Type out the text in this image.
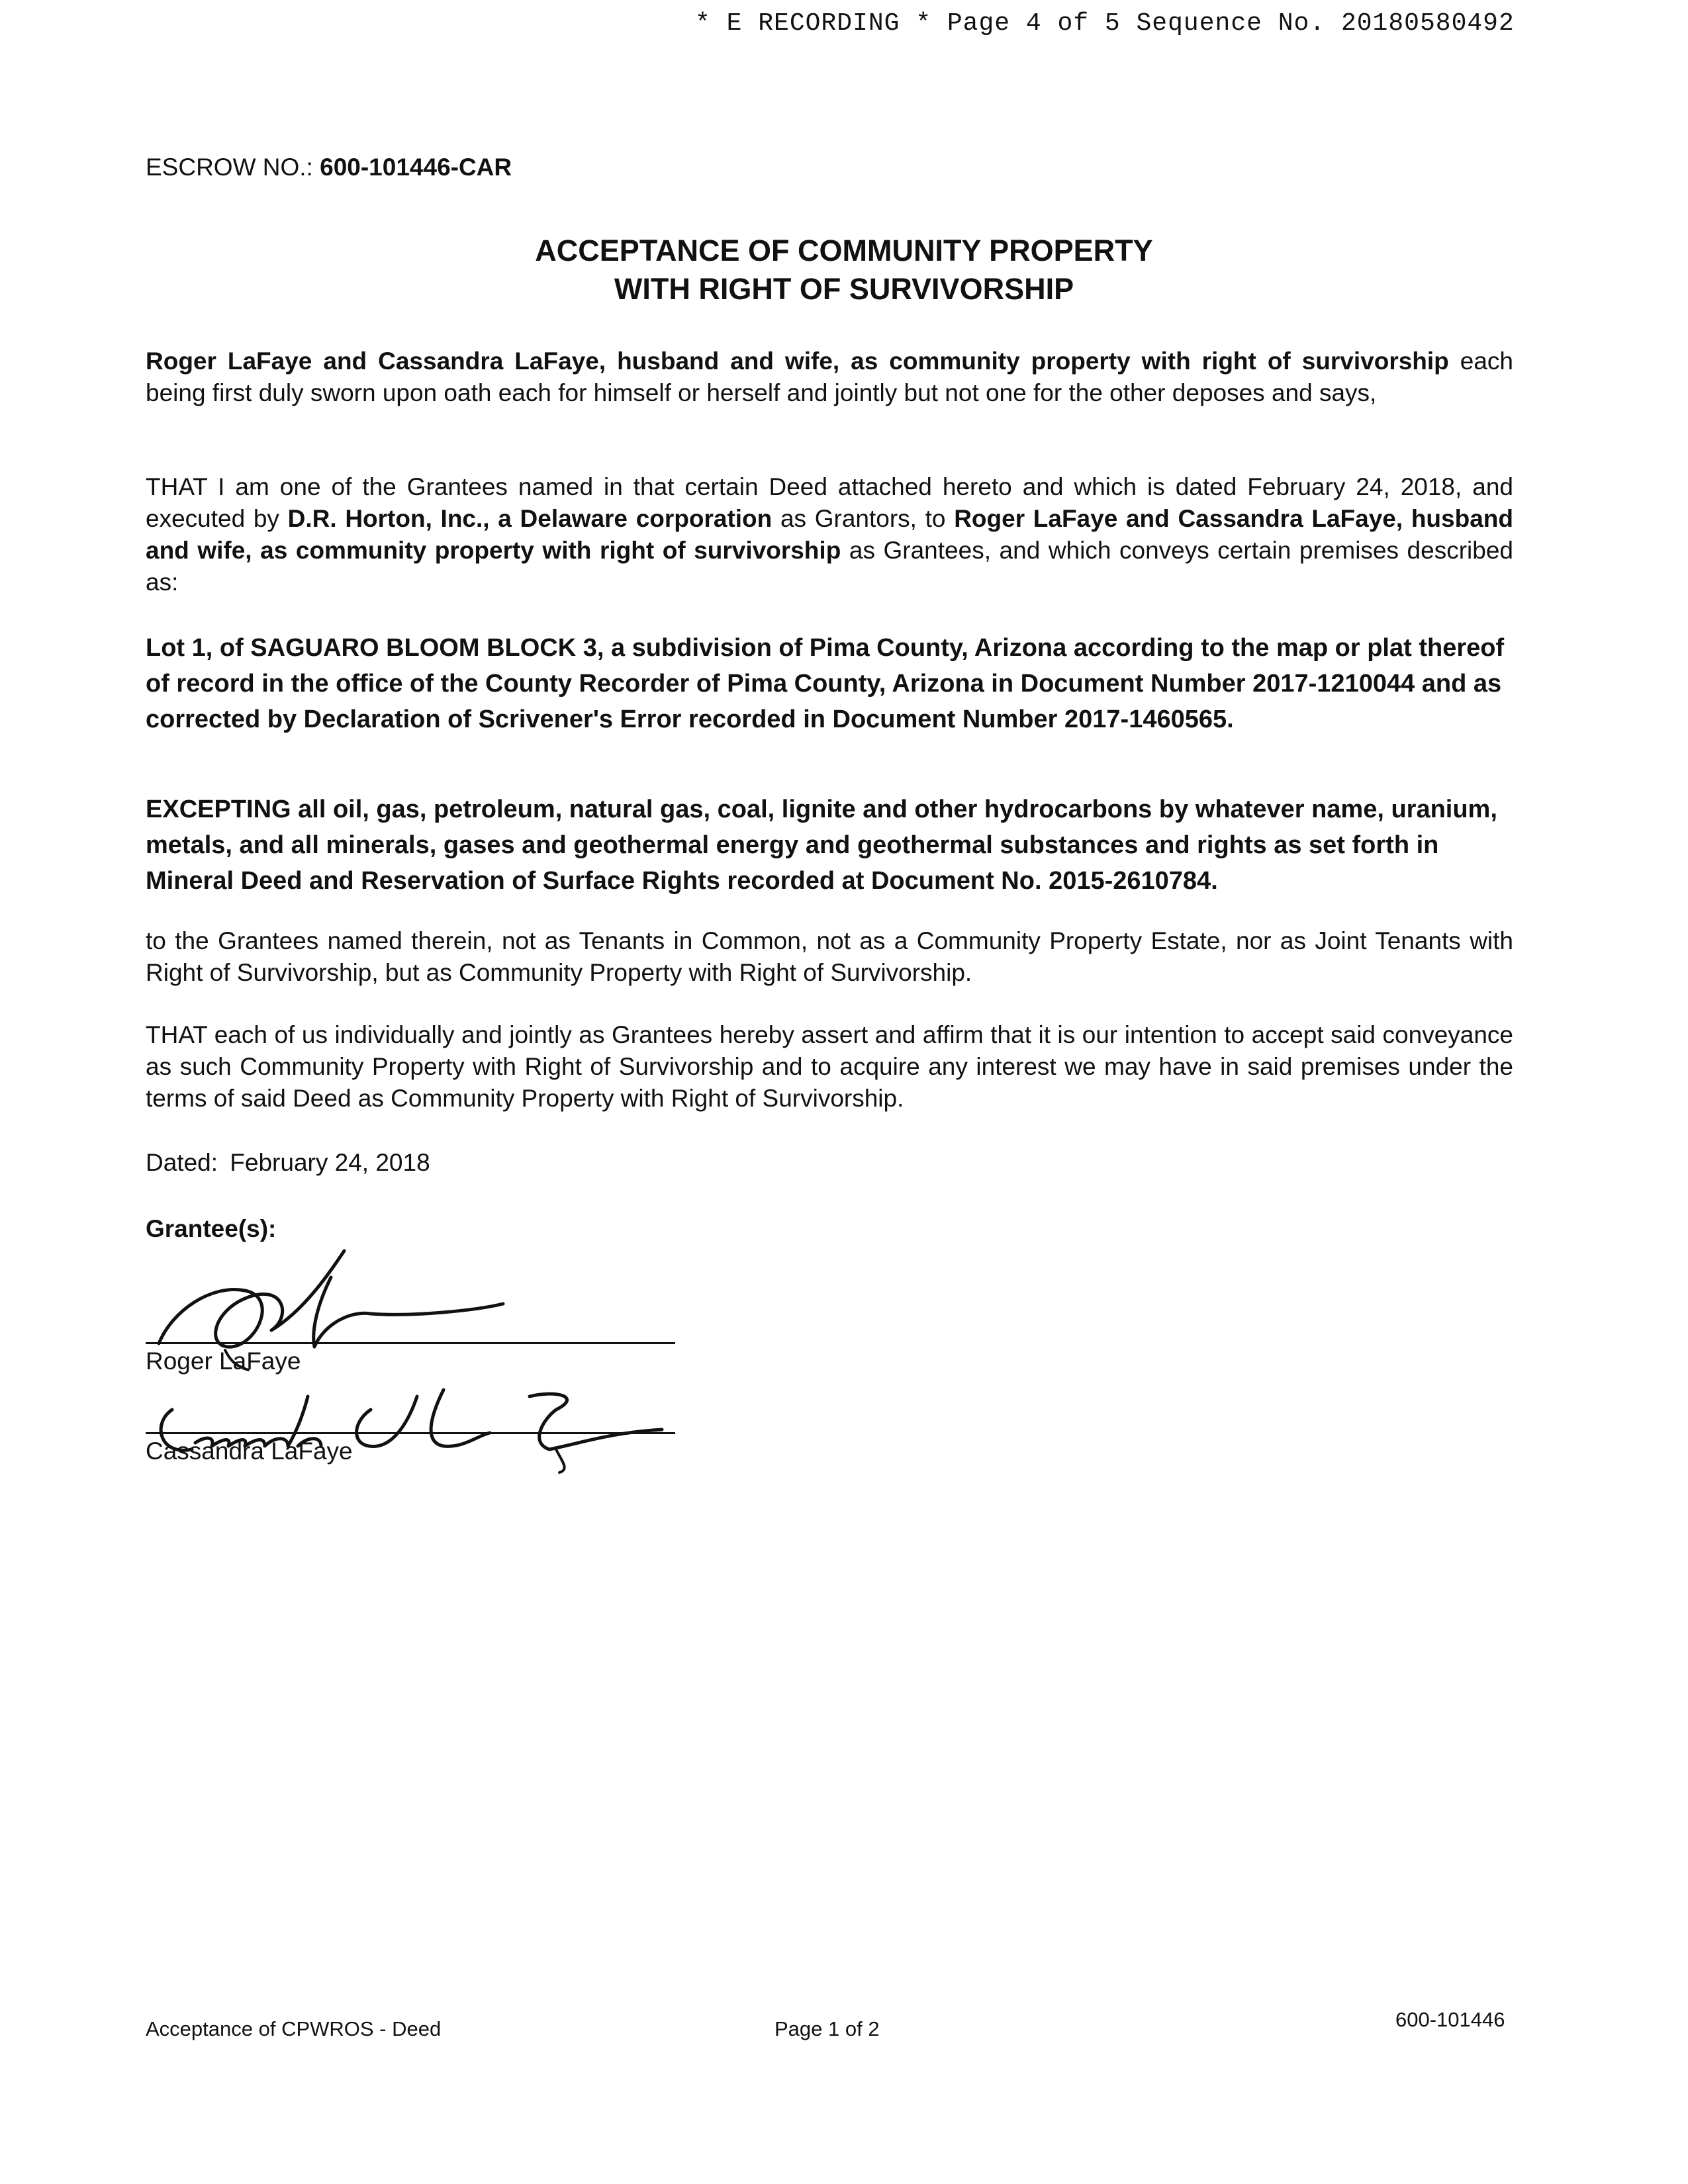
* E RECORDING * Page 4 of 5 Sequence No. 20180580492
ESCROW NO.: 600-101446-CAR
ACCEPTANCE OF COMMUNITY PROPERTY
WITH RIGHT OF SURVIVORSHIP
Roger LaFaye and Cassandra LaFaye, husband and wife, as community property with right of survivorship each being first duly sworn upon oath each for himself or herself and jointly but not one for the other deposes and says,
THAT I am one of the Grantees named in that certain Deed attached hereto and which is dated February 24, 2018, and executed by D.R. Horton, Inc., a Delaware corporation as Grantors, to Roger LaFaye and Cassandra LaFaye, husband and wife, as community property with right of survivorship as Grantees, and which conveys certain premises described as:
Lot 1, of SAGUARO BLOOM BLOCK 3, a subdivision of Pima County, Arizona according to the map or plat thereof of record in the office of the County Recorder of Pima County, Arizona in Document Number 2017-1210044 and as corrected by Declaration of Scrivener's Error recorded in Document Number 2017-1460565.
EXCEPTING all oil, gas, petroleum, natural gas, coal, lignite and other hydrocarbons by whatever name, uranium, metals, and all minerals, gases and geothermal energy and geothermal substances and rights as set forth in Mineral Deed and Reservation of Surface Rights recorded at Document No. 2015-2610784.
to the Grantees named therein, not as Tenants in Common, not as a Community Property Estate, nor as Joint Tenants with Right of Survivorship, but as Community Property with Right of Survivorship.
THAT each of us individually and jointly as Grantees hereby assert and affirm that it is our intention to accept said conveyance as such Community Property with Right of Survivorship and to acquire any interest we may have in said premises under the terms of said Deed as Community Property with Right of Survivorship.
Dated: February 24, 2018
Grantee(s):
Roger LaFaye
Cassandra LaFaye
Acceptance of CPWROS - Deed	Page 1 of 2	600-101446
